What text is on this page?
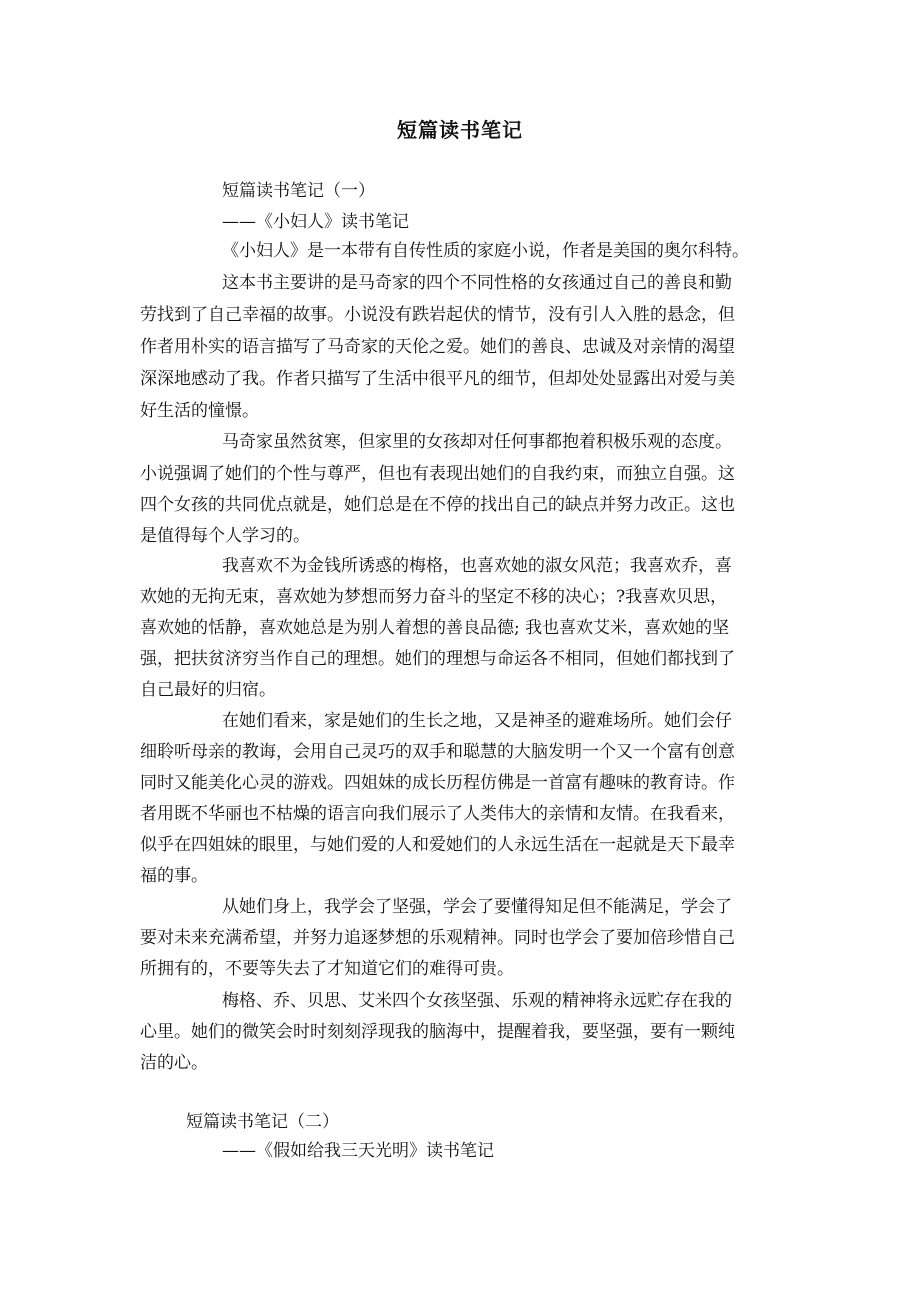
短篇读书笔记
短篇读书笔记（一）
——《小妇人》读书笔记
《小妇人》是一本带有自传性质的家庭小说，作者是美国的奥尔科特。
这本书主要讲的是马奇家的四个不同性格的女孩通过自己的善良和勤
劳找到了自己幸福的故事。小说没有跌岩起伏的情节，没有引人入胜的悬念，但
作者用朴实的语言描写了马奇家的天伦之爱。她们的善良、忠诚及对亲情的渴望
深深地感动了我。作者只描写了生活中很平凡的细节，但却处处显露出对爱与美
好生活的憧憬。
马奇家虽然贫寒，但家里的女孩却对任何事都抱着积极乐观的态度。
小说强调了她们的个性与尊严，但也有表现出她们的自我约束，而独立自强。这
四个女孩的共同优点就是，她们总是在不停的找出自己的缺点并努力改正。这也
是值得每个人学习的。
我喜欢不为金钱所诱惑的梅格，也喜欢她的淑女风范；我喜欢乔，喜
欢她的无拘无束，喜欢她为梦想而努力奋斗的坚定不移的决心；?我喜欢贝思，
喜欢她的恬静，喜欢她总是为别人着想的善良品德; 我也喜欢艾米，喜欢她的坚
强，把扶贫济穷当作自己的理想。她们的理想与命运各不相同，但她们都找到了
自己最好的归宿。
在她们看来，家是她们的生长之地，又是神圣的避难场所。她们会仔
细聆听母亲的教诲，会用自己灵巧的双手和聪慧的大脑发明一个又一个富有创意
同时又能美化心灵的游戏。四姐妹的成长历程仿佛是一首富有趣味的教育诗。作
者用既不华丽也不枯燥的语言向我们展示了人类伟大的亲情和友情。在我看来，
似乎在四姐妹的眼里，与她们爱的人和爱她们的人永远生活在一起就是天下最幸
福的事。
从她们身上，我学会了坚强，学会了要懂得知足但不能满足，学会了
要对未来充满希望，并努力追逐梦想的乐观精神。同时也学会了要加倍珍惜自己
所拥有的，不要等失去了才知道它们的难得可贵。
梅格、乔、贝思、艾米四个女孩坚强、乐观的精神将永远贮存在我的
心里。她们的微笑会时时刻刻浮现我的脑海中，提醒着我，要坚强，要有一颗纯
洁的心。
短篇读书笔记（二）
——《假如给我三天光明》读书笔记
